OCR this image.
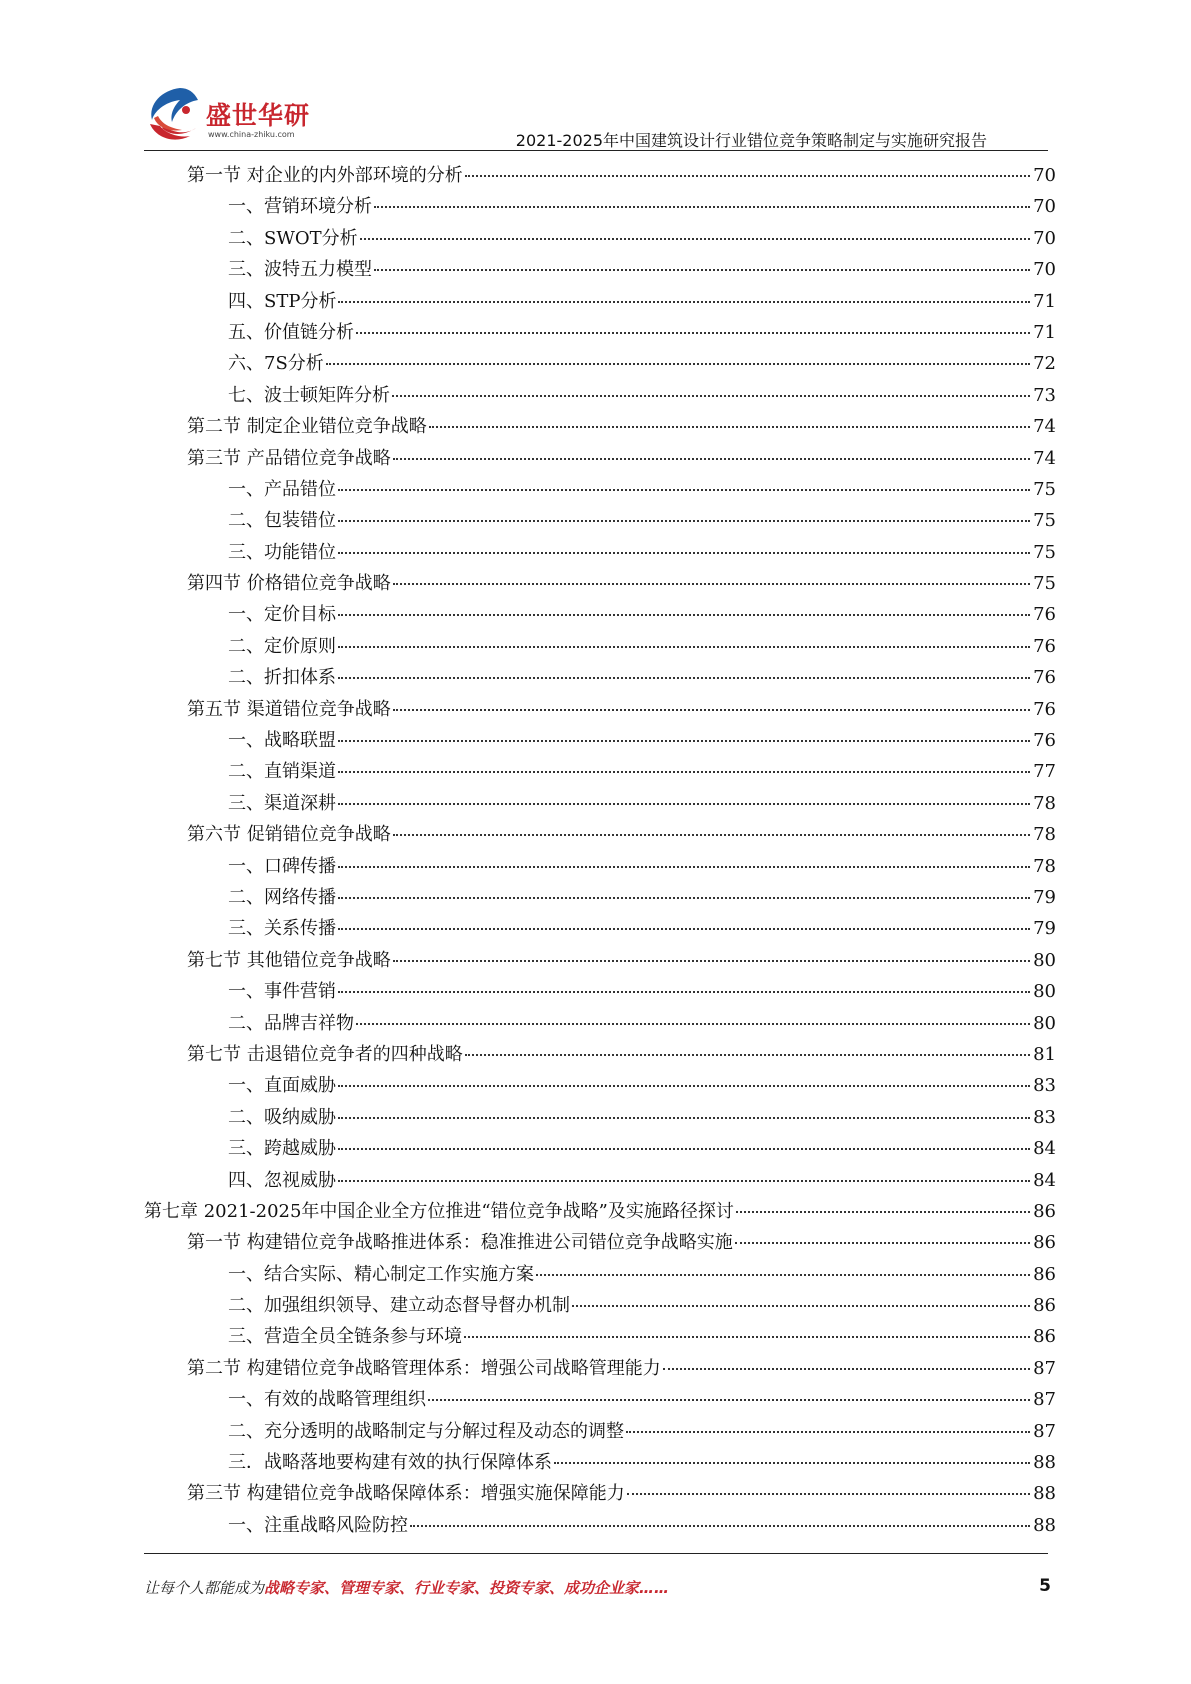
盛世华研
www.china-zhiku.com	2021-2025年中国建筑设计行业错位竞争策略制定与实施研究报告
第一节 对企业的内外部环境的分析	70
一、营销环境分析	70
二、SWOT分析	70
三、波特五力模型	70
四、STP分析	71
五、价值链分析	71
六、7S分析	72
七、波士顿矩阵分析	73
第二节 制定企业错位竞争战略	74
第三节 产品错位竞争战略	74
一、产品错位	75
二、包装错位	75
三、功能错位	75
第四节 价格错位竞争战略	75
一、定价目标	76
二、定价原则	76
二、折扣体系	76
第五节 渠道错位竞争战略	76
一、战略联盟	76
二、直销渠道	77
三、渠道深耕	78
第六节 促销错位竞争战略	78
一、口碑传播	78
二、网络传播	79
三、关系传播	79
第七节 其他错位竞争战略	80
一、事件营销	80
二、品牌吉祥物	80
第七节 击退错位竞争者的四种战略	81
一、直面威胁	83
二、吸纳威胁	83
三、跨越威胁	84
四、忽视威胁	84
第七章 2021-2025年中国企业全方位推进“错位竞争战略”及实施路径探讨	86
第一节 构建错位竞争战略推进体系：稳准推进公司错位竞争战略实施	86
一、结合实际、精心制定工作实施方案	86
二、加强组织领导、建立动态督导督办机制	86
三、营造全员全链条参与环境	86
第二节 构建错位竞争战略管理体系：增强公司战略管理能力	87
一、有效的战略管理组织	87
二、充分透明的战略制定与分解过程及动态的调整	87
三．战略落地要构建有效的执行保障体系	88
第三节 构建错位竞争战略保障体系：增强实施保障能力	88
一、注重战略风险防控	88
让每个人都能成为战略专家、管理专家、行业专家、投资专家、成功企业家……	5
